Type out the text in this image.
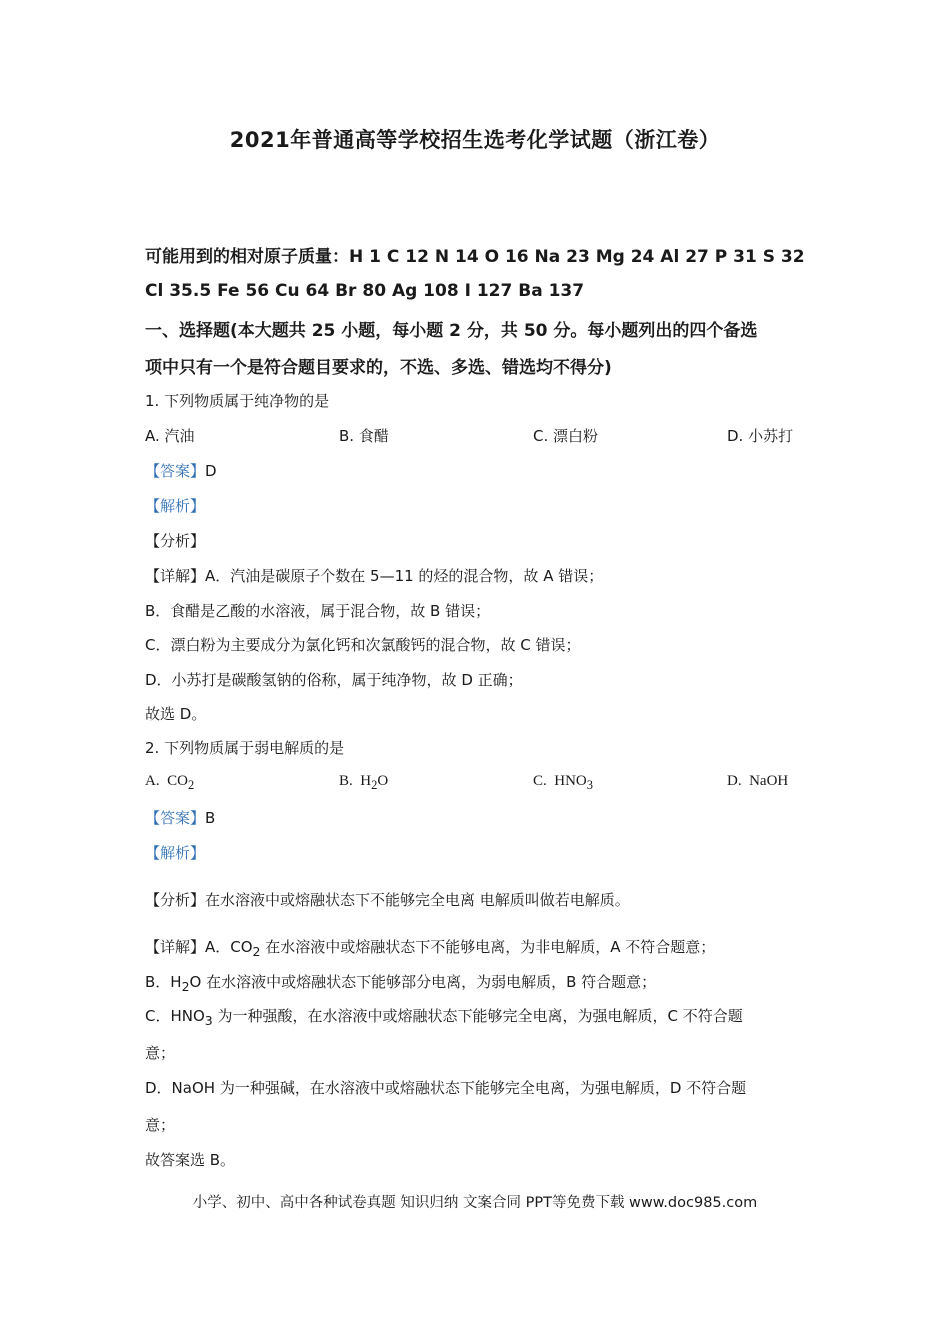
2021年普通高等学校招生选考化学试题（浙江卷）
可能用到的相对原子质量：H 1 C 12 N 14 O 16 Na 23 Mg 24 Al 27 P 31 S 32
Cl 35.5 Fe 56 Cu 64 Br 80 Ag 108 I 127 Ba 137
一、选择题(本大题共 25 小题，每小题 2 分，共 50 分。每小题列出的四个备选
项中只有一个是符合题目要求的，不选、多选、错选均不得分)
1. 下列物质属于纯净物的是
A. 汽油	B. 食醋	C. 漂白粉	D. 小苏打
【答案】D
【解析】
【分析】
【详解】A．汽油是碳原子个数在 5—11 的烃的混合物，故 A 错误；
B．食醋是乙酸的水溶液，属于混合物，故 B 错误；
C．漂白粉为主要成分为氯化钙和次氯酸钙的混合物，故 C 错误；
D．小苏打是碳酸氢钠的俗称，属于纯净物，故 D 正确；
故选 D。
2. 下列物质属于弱电解质的是
A. $CO_2$	B. $H_2O$	C. $HNO_3$	D. NaOH
【答案】B
【解析】
【分析】在水溶液中或熔融状态下不能够完全电离 电解质叫做若电解质。
【详解】A．$CO_2$ 在水溶液中或熔融状态下不能够电离，为非电解质，A 不符合题意；
B．$H_2O$ 在水溶液中或熔融状态下能够部分电离，为弱电解质，B 符合题意；
C．$HNO_3$ 为一种强酸，在水溶液中或熔融状态下能够完全电离，为强电解质，C 不符合题
意；
D．NaOH 为一种强碱，在水溶液中或熔融状态下能够完全电离，为强电解质，D 不符合题
意；
故答案选 B。
小学、初中、高中各种试卷真题 知识归纳 文案合同 PPT等免费下载 www.doc985.com
